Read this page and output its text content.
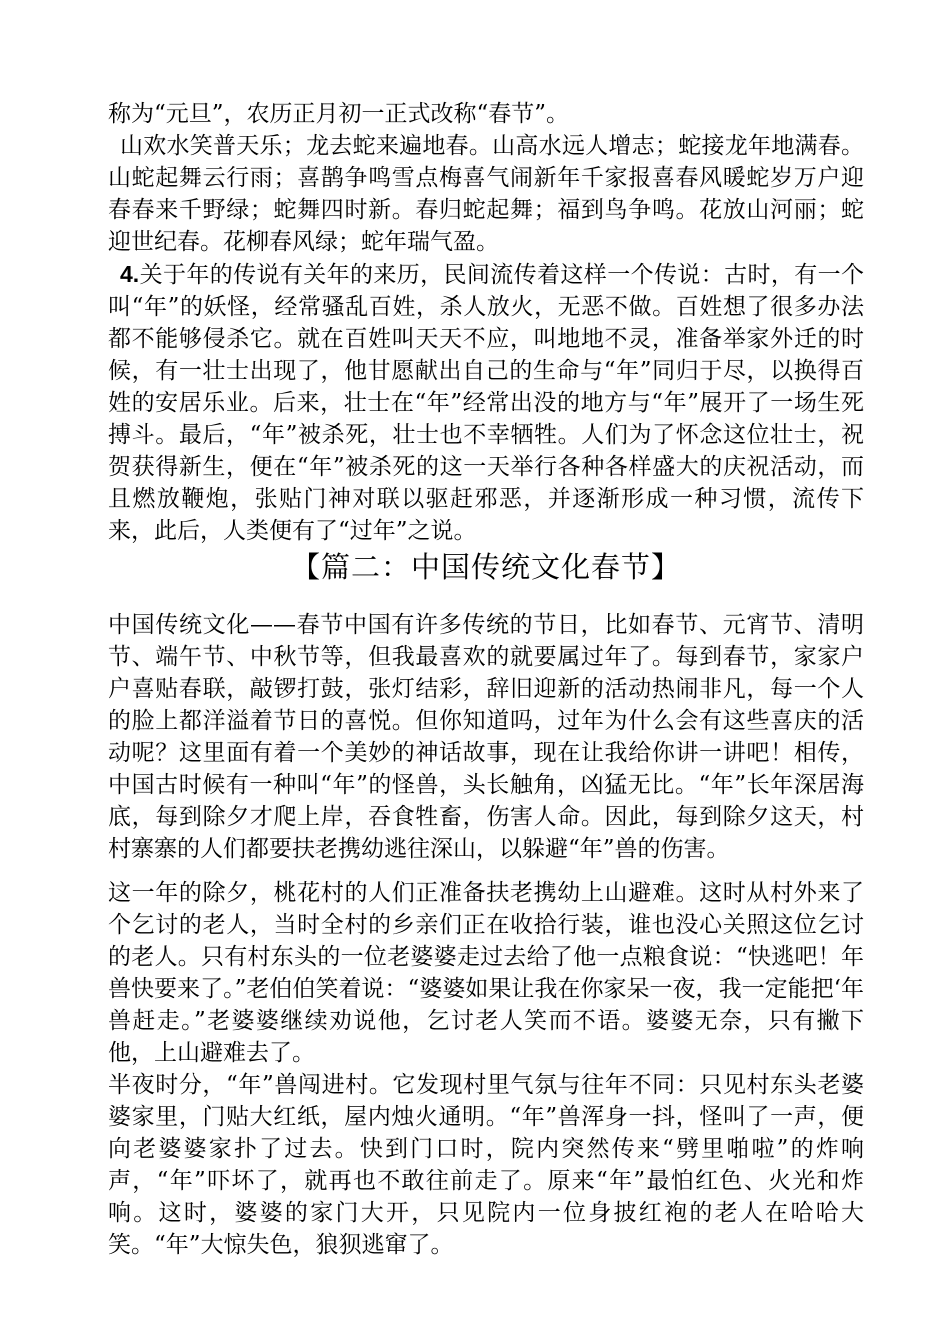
称为“元旦”，农历正月初一正式改称“春节”。

山欢水笑普天乐；龙去蛇来遍地春。山高水远人增志；蛇接龙年地满春。山蛇起舞云行雨；喜鹊争鸣雪点梅喜气闹新年千家报喜春风暖蛇岁万户迎春春来千野绿；蛇舞四时新。春归蛇起舞；福到鸟争鸣。花放山河丽；蛇迎世纪春。花柳春风绿；蛇年瑞气盈。

4.关于年的传说有关年的来历，民间流传着这样一个传说：古时，有一个叫“年”的妖怪，经常骚乱百姓，杀人放火，无恶不做。百姓想了很多办法都不能够侵杀它。就在百姓叫天天不应，叫地地不灵，准备举家外迁的时候，有一壮士出现了，他甘愿献出自己的生命与“年”同归于尽，以换得百姓的安居乐业。后来，壮士在“年”经常出没的地方与“年”展开了一场生死搏斗。最后，“年”被杀死，壮士也不幸牺牲。人们为了怀念这位壮士，祝贺获得新生，便在“年”被杀死的这一天举行各种各样盛大的庆祝活动，而且燃放鞭炮，张贴门神对联以驱赶邪恶，并逐渐形成一种习惯，流传下来，此后，人类便有了“过年”之说。

【篇二：中国传统文化春节】

中国传统文化——春节中国有许多传统的节日，比如春节、元宵节、清明节、端午节、中秋节等，但我最喜欢的就要属过年了。每到春节，家家户户喜贴春联，敲锣打鼓，张灯结彩，辞旧迎新的活动热闹非凡，每一个人的脸上都洋溢着节日的喜悦。但你知道吗，过年为什么会有这些喜庆的活动呢？这里面有着一个美妙的神话故事，现在让我给你讲一讲吧！相传，中国古时候有一种叫“年”的怪兽，头长触角，凶猛无比。“年”长年深居海底，每到除夕才爬上岸，吞食牲畜，伤害人命。因此，每到除夕这天，村村寨寨的人们都要扶老携幼逃往深山，以躲避“年”兽的伤害。

这一年的除夕，桃花村的人们正准备扶老携幼上山避难。这时从村外来了个乞讨的老人，当时全村的乡亲们正在收拾行装，谁也没心关照这位乞讨的老人。只有村东头的一位老婆婆走过去给了他一点粮食说：“快逃吧！年兽快要来了。”老伯伯笑着说：“婆婆如果让我在你家呆一夜，我一定能把‘年兽赶走。”老婆婆继续劝说他，乞讨老人笑而不语。婆婆无奈，只有撇下他，上山避难去了。

半夜时分，“年”兽闯进村。它发现村里气氛与往年不同：只见村东头老婆婆家里，门贴大红纸，屋内烛火通明。“年”兽浑身一抖，怪叫了一声，便向老婆婆家扑了过去。快到门口时，院内突然传来“劈里啪啦”的炸响声，“年”吓坏了，就再也不敢往前走了。原来“年”最怕红色、火光和炸响。这时，婆婆的家门大开，只见院内一位身披红袍的老人在哈哈大笑。“年”大惊失色，狼狈逃窜了。
